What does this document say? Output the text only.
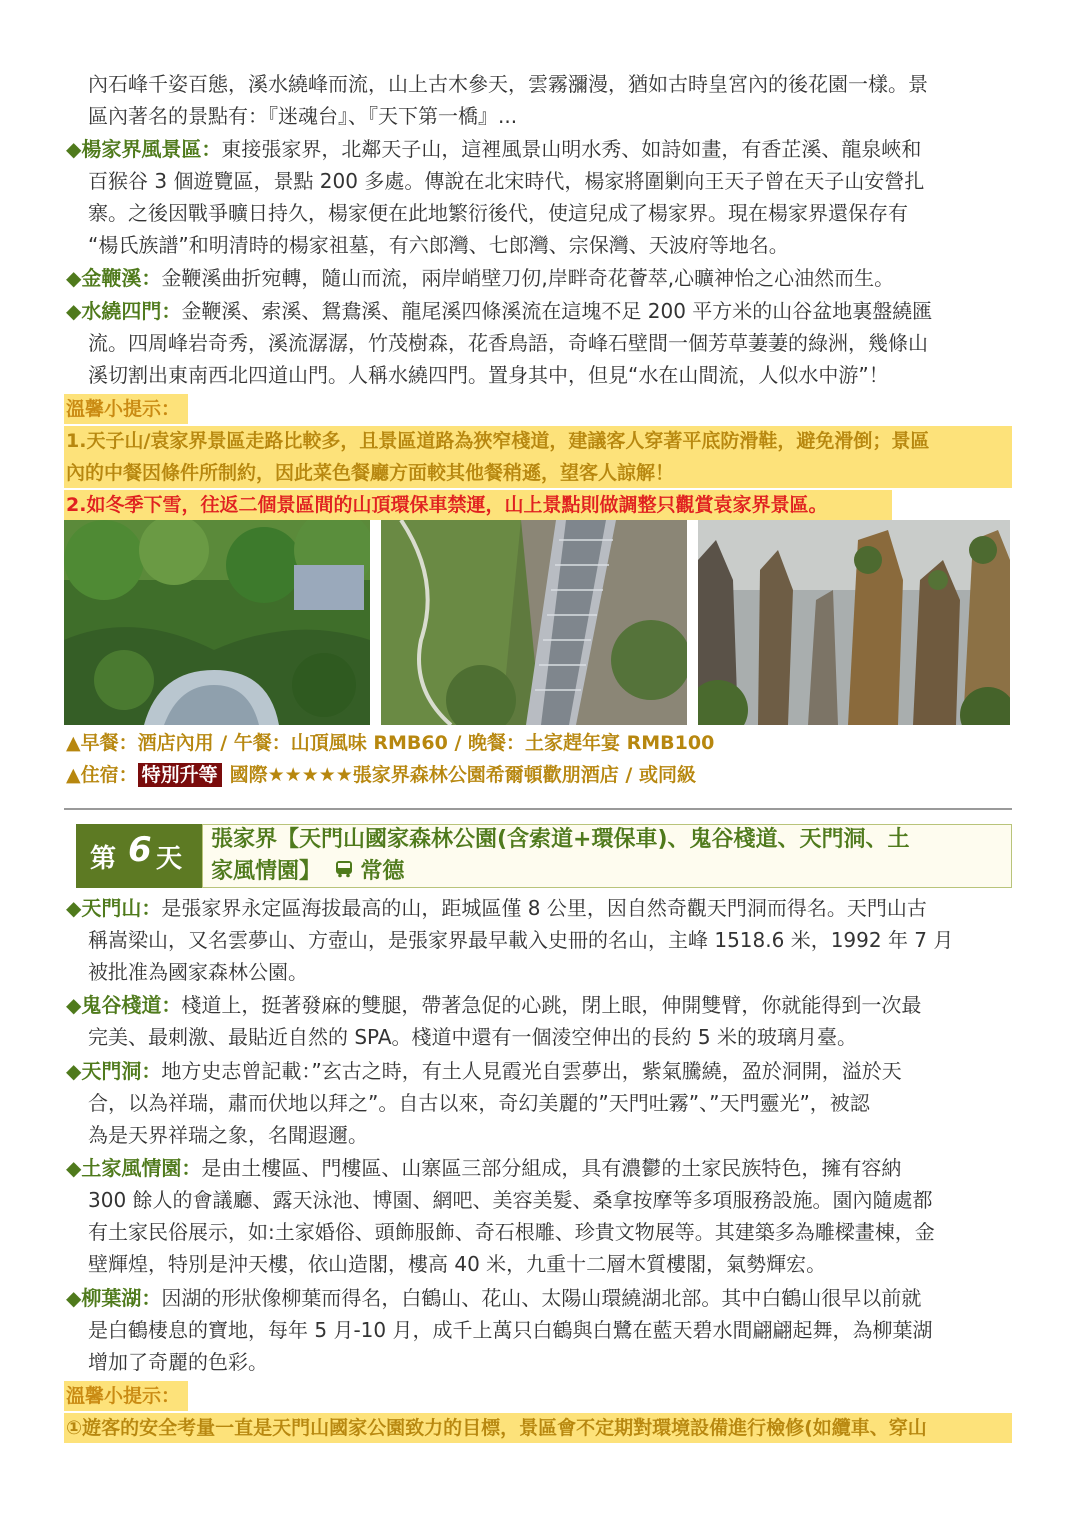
內石峰千姿百態，溪水繞峰而流，山上古木參天，雲霧瀰漫，猶如古時皇宮內的後花園一樣。景
區內著名的景點有：『迷魂台』、『天下第一橋』...
◆楊家界風景區：東接張家界，北鄰天子山，這裡風景山明水秀、如詩如畫，有香芷溪、龍泉峽和
百猴谷 3 個遊覽區，景點 200 多處。傳說在北宋時代，楊家將圍剿向王天子曾在天子山安營扎
寨。之後因戰爭曠日持久，楊家便在此地繁衍後代，使這兒成了楊家界。現在楊家界還保存有
“楊氏族譜”和明清時的楊家祖墓，有六郎灣、七郎灣、宗保灣、天波府等地名。
◆金鞭溪：金鞭溪曲折宛轉，隨山而流，兩岸峭壁刀仞,岸畔奇花薈萃,心曠神怡之心油然而生。
◆水繞四門：金鞭溪、索溪、鴛鴦溪、龍尾溪四條溪流在這塊不足 200 平方米的山谷盆地裏盤繞匯
流。四周峰岩奇秀，溪流潺潺，竹茂樹森，花香鳥語，奇峰石壁間一個芳草萋萋的綠洲，幾條山
溪切割出東南西北四道山門。人稱水繞四門。置身其中，但見“水在山間流，人似水中游”！
溫馨小提示：
1.天子山/袁家界景區走路比較多，且景區道路為狹窄棧道，建議客人穿著平底防滑鞋，避免滑倒；景區
內的中餐因條件所制約，因此菜色餐廳方面較其他餐稍遜，望客人諒解！
2.如冬季下雪，往返二個景區間的山頂環保車禁運，山上景點則做調整只觀賞袁家界景區。
▲早餐：酒店內用 / 午餐：山頂風味 RMB60 / 晚餐：土家趕年宴 RMB100
▲住宿： 特別升等 國際★★★★★張家界森林公園希爾頓歡朋酒店 / 或同級
第 6 天
張家界【天門山國家森林公園(含索道+環保車)、鬼谷棧道、天門洞、土
家風情園】 常德
◆天門山：是張家界永定區海拔最高的山，距城區僅 8 公里，因自然奇觀天門洞而得名。天門山古
稱嵩梁山，又名雲夢山、方壺山，是張家界最早載入史冊的名山，主峰 1518.6 米，1992 年 7 月
被批准為國家森林公園。
◆鬼谷棧道：棧道上，挺著發麻的雙腿，帶著急促的心跳，閉上眼，伸開雙臂，你就能得到一次最
完美、最刺激、最貼近自然的 SPA。棧道中還有一個淩空伸出的長約 5 米的玻璃月臺。
◆天門洞：地方史志曾記載：”玄古之時，有土人見霞光自雲夢出，紫氣騰繞，盈於洞開，溢於天
合，以為祥瑞，肅而伏地以拜之”。自古以來，奇幻美麗的”天門吐霧”、”天門靈光”，被認
為是天界祥瑞之象，名聞遐邇。
◆土家風情園：是由土樓區、門樓區、山寨區三部分組成，具有濃鬱的土家民族特色，擁有容納
300 餘人的會議廳、露天泳池、博園、網吧、美容美髮、桑拿按摩等多項服務設施。園內隨處都
有土家民俗展示，如:土家婚俗、頭飾服飾、奇石根雕、珍貴文物展等。其建築多為雕樑畫棟，金
壁輝煌，特別是沖天樓，依山造閣，樓高 40 米，九重十二層木質樓閣，氣勢輝宏。
◆柳葉湖：因湖的形狀像柳葉而得名，白鶴山、花山、太陽山環繞湖北部。其中白鶴山很早以前就
是白鶴棲息的寶地，每年 5 月-10 月，成千上萬只白鶴與白鷺在藍天碧水間翩翩起舞，為柳葉湖
增加了奇麗的色彩。
溫馨小提示：
①遊客的安全考量一直是天門山國家公園致力的目標，景區會不定期對環境設備進行檢修(如纜車、穿山
